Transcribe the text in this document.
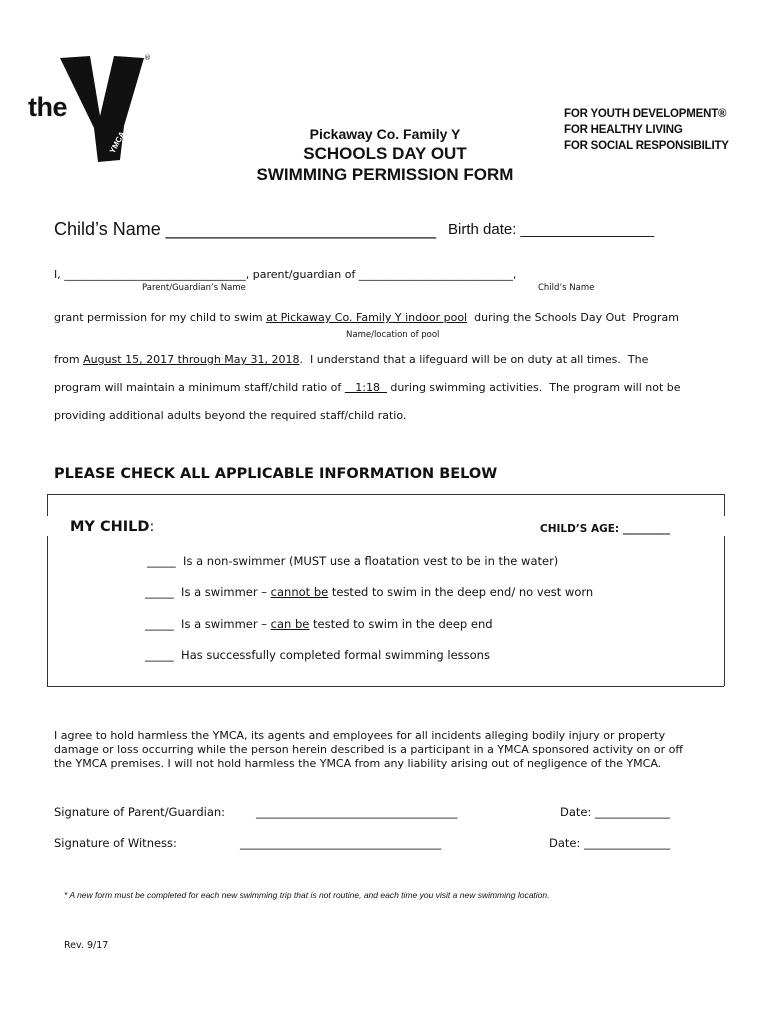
the
YMCA
®
FOR YOUTH DEVELOPMENT®
FOR HEALTHY LIVING
FOR SOCIAL RESPONSIBILITY
Pickaway Co. Family Y
SCHOOLS DAY OUT
SWIMMING PERMISSION FORM
Child’s Name ___________________________ Birth date: ________________
I, _________________________________, parent/guardian of ____________________________,
Parent/Guardian’s Name	Child’s Name
grant permission for my child to swim at Pickaway Co. Family Y indoor pool  during the Schools Day Out  Program
Name/location of pool
from August 15, 2017 through May 31, 2018.  I understand that a lifeguard will be on duty at all times.  The
program will maintain a minimum staff/child ratio of    1:18   during swimming activities.  The program will not be
providing additional adults beyond the required staff/child ratio.
PLEASE CHECK ALL APPLICABLE INFORMATION BELOW
MY CHILD:	CHILD’S AGE: _________
_____  Is a non-swimmer (MUST use a floatation vest to be in the water)
_____  Is a swimmer – cannot be tested to swim in the deep end/ no vest worn
_____  Is a swimmer – can be tested to swim in the deep end
_____  Has successfully completed formal swimming lessons
I agree to hold harmless the YMCA, its agents and employees for all incidents alleging bodily injury or property
damage or loss occurring while the person herein described is a participant in a YMCA sponsored activity on or off
the YMCA premises. I will not hold harmless the YMCA from any liability arising out of negligence of the YMCA.
Signature of Parent/Guardian:	___________________________________	Date: _____________
Signature of Witness:	___________________________________	Date: _______________
* A new form must be completed for each new swimming trip that is not routine, and each time you visit a new swimming location.
Rev. 9/17
